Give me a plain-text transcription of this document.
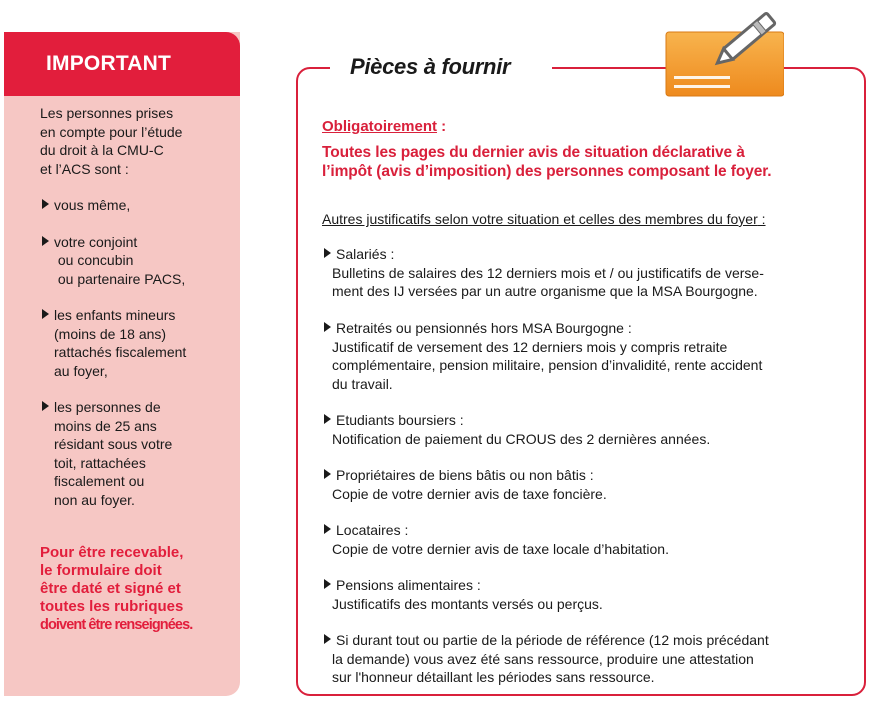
IMPORTANT

Les personnes prises

en compte pour l’étude

du droit à la CMU-C

et l’ACS sont :

vous même,

votre conjoint

ou concubin

ou partenaire PACS,

les enfants mineurs

(moins de 18 ans)

rattachés fiscalement

au foyer,

les personnes de

moins de 25 ans

résidant sous votre

toit, rattachées

fiscalement ou

non au foyer.

Pour être recevable,
le formulaire doit
être daté et signé et
toutes les rubriques
doivent être renseignées.
Pièces à fournir
Obligatoirement :
Toutes les pages du dernier avis de situation déclarative à
l’impôt (avis d’imposition) des personnes composant le foyer.
Autres justificatifs selon votre situation et celles des membres du foyer :
Salariés :
Bulletins de salaires des 12 derniers mois et / ou justificatifs de verse-
ment des IJ versées par un autre organisme que la MSA Bourgogne.
Retraités ou pensionnés hors MSA Bourgogne :
Justificatif de versement des 12 derniers mois y compris retraite
complémentaire, pension militaire, pension d’invalidité, rente accident
du travail.
Etudiants boursiers :
Notification de paiement du CROUS des 2 dernières années.
Propriétaires de biens bâtis ou non bâtis :
Copie de votre dernier avis de taxe foncière.
Locataires :
Copie de votre dernier avis de taxe locale d’habitation.
Pensions alimentaires :
Justificatifs des montants versés ou perçus.
Si durant tout ou partie de la période de référence (12 mois précédant
la demande) vous avez été sans ressource, produire une attestation
sur l'honneur détaillant les périodes sans ressource.
